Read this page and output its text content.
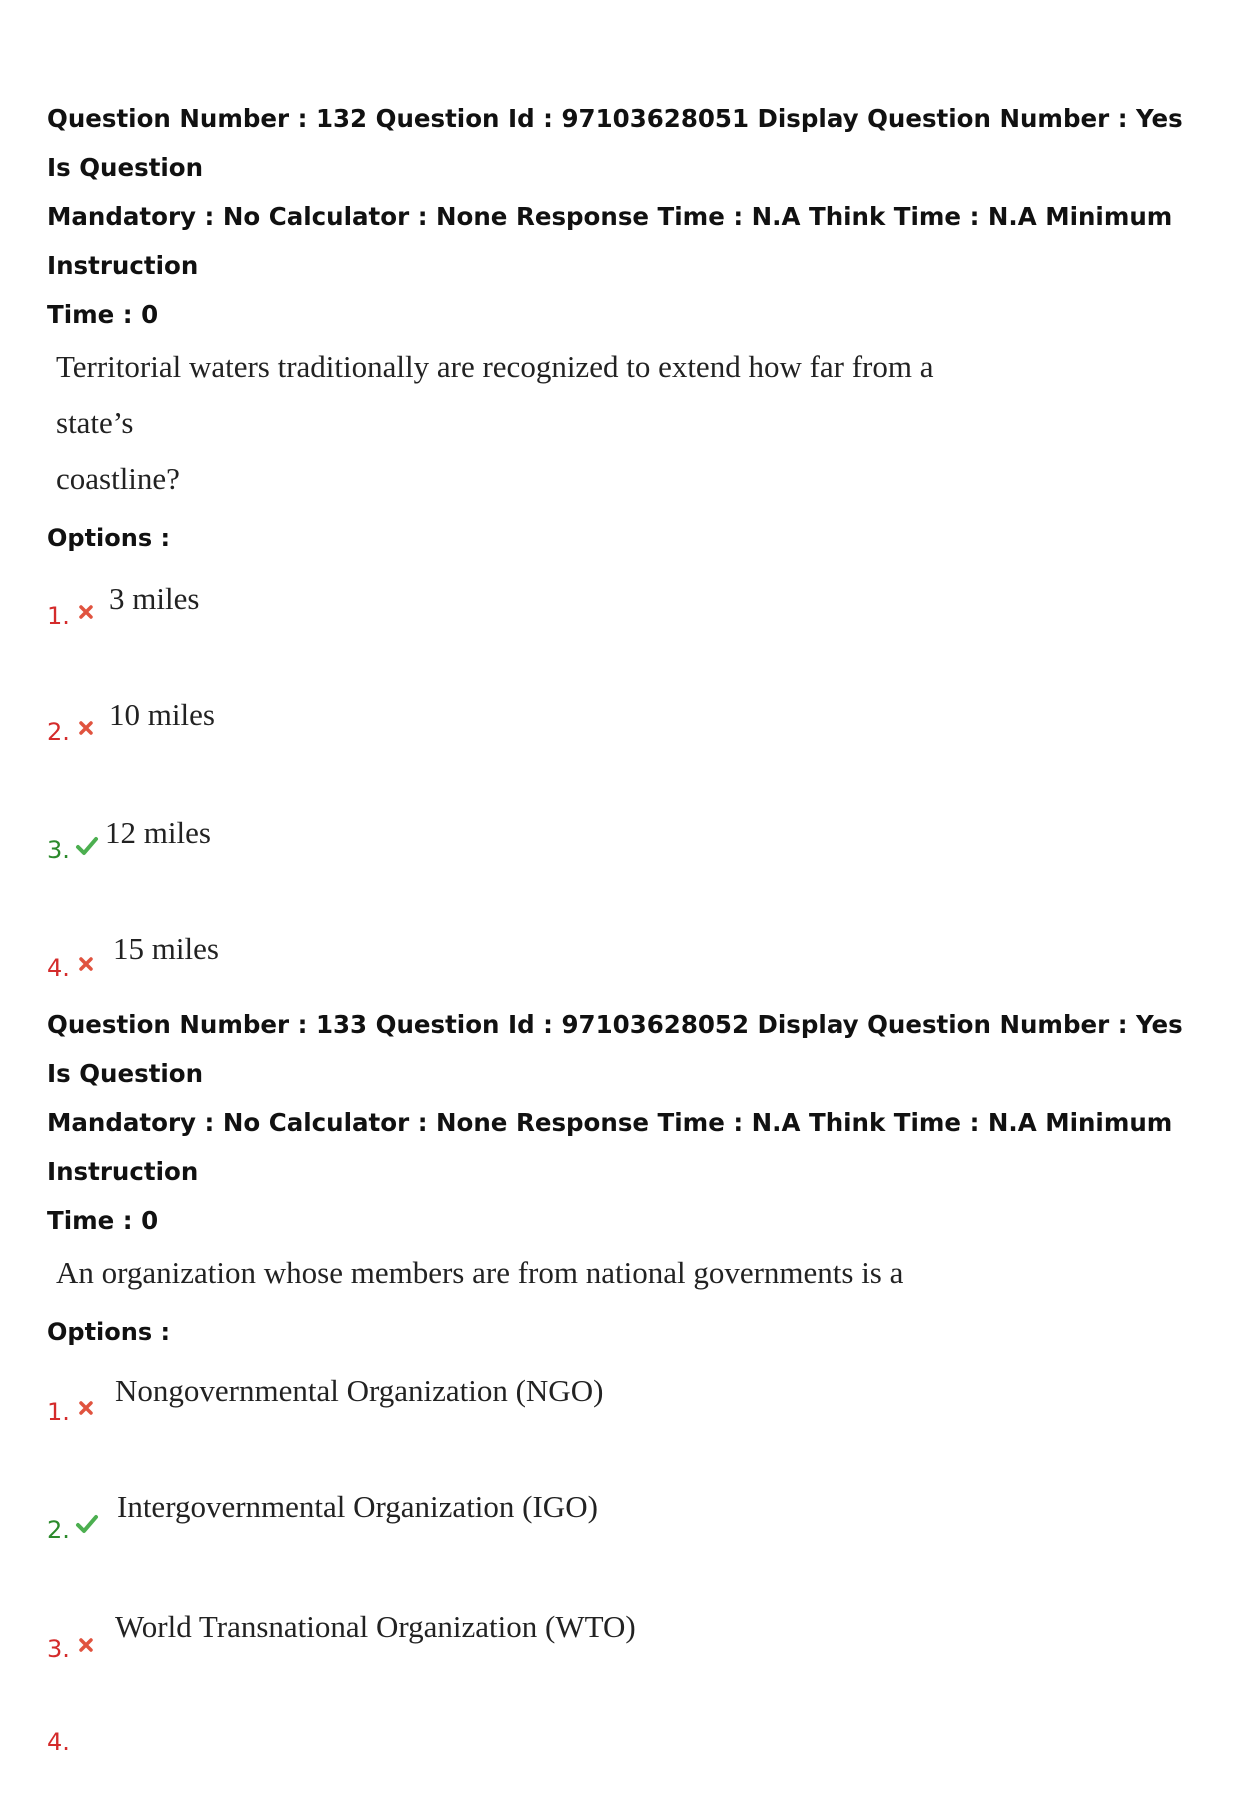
Question Number : 132 Question Id : 97103628051 Display Question Number : Yes Is Question
Mandatory : No Calculator : None Response Time : N.A Think Time : N.A Minimum Instruction
Time : 0

Territorial waters traditionally are recognized to extend how far from a state’s
coastline?

Options :
1. 3 miles
2. 10 miles
3. 12 miles
4.
15 miles

Question Number : 133 Question Id : 97103628052 Display Question Number : Yes Is Question
Mandatory : No Calculator : None Response Time : N.A Think Time : N.A Minimum Instruction
Time : 0

An organization whose members are from national governments is a

Options :
1.
Nongovernmental Organization (NGO)
2.
Intergovernmental Organization (IGO)
3.
World Transnational Organization (WTO)
4.
